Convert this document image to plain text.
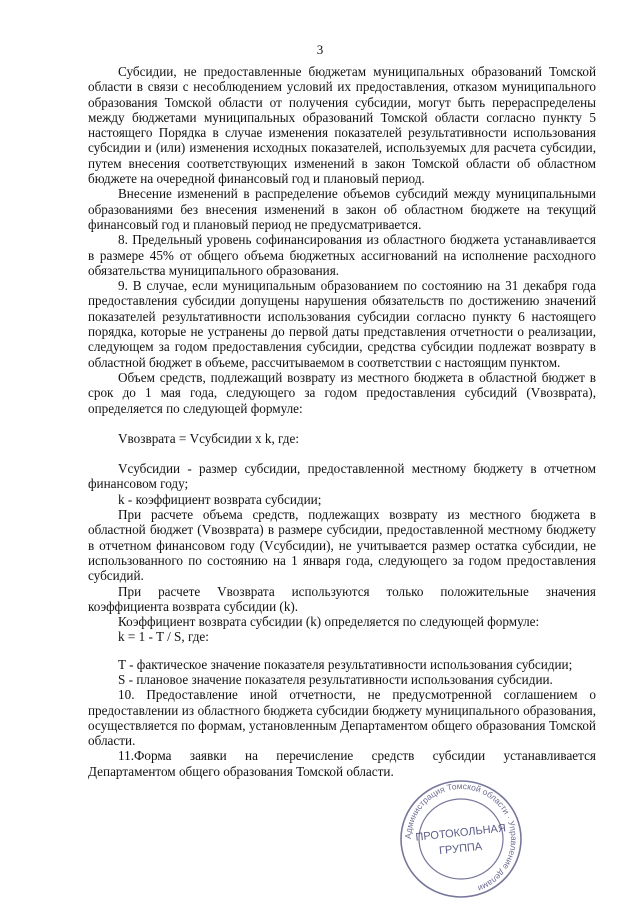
3

Субсидии, не предоставленные бюджетам муниципальных образований Томской области в связи с несоблюдением условий их предоставления, отказом муниципального образования Томской области от получения субсидии, могут быть перераспределены между бюджетами муниципальных образований Томской области согласно пункту 5 настоящего Порядка в случае изменения показателей результативности использования субсидии и (или) изменения исходных показателей, используемых для расчета субсидии, путем внесения соответствующих изменений в закон Томской области об областном бюджете на очередной финансовый год и плановый период.

Внесение изменений в распределение объемов субсидий между муниципальными образованиями без внесения изменений в закон об областном бюджете на текущий финансовый год и плановый период не предусматривается.

8. Предельный уровень софинансирования из областного бюджета устанавливается в размере 45% от общего объема бюджетных ассигнований на исполнение расходного обязательства муниципального образования.

9. В случае, если муниципальным образованием по состоянию на 31 декабря года предоставления субсидии допущены нарушения обязательств по достижению значений показателей результативности использования субсидии согласно пункту 6 настоящего порядка, которые не устранены до первой даты представления отчетности о реализации, следующем за годом предоставления субсидии, средства субсидии подлежат возврату в областной бюджет в объеме, рассчитываемом в соответствии с настоящим пунктом.

Объем средств, подлежащий возврату из местного бюджета в областной бюджет в срок до 1 мая года, следующего за годом предоставления субсидий (Vвозврата), определяется по следующей формуле:

Vвозврата = Vсубсидии x k, где:

Vсубсидии - размер субсидии, предоставленной местному бюджету в отчетном финансовом году;

k - коэффициент возврата субсидии;

При расчете объема средств, подлежащих возврату из местного бюджета в областной бюджет (Vвозврата) в размере субсидии, предоставленной местному бюджету в отчетном финансовом году (Vсубсидии), не учитывается размер остатка субсидии, не использованного по состоянию на 1 января года, следующего за годом предоставления субсидий.

При расчете Vвозврата используются только положительные значения коэффициента возврата субсидии (k).

Коэффициент возврата субсидии (k) определяется по следующей формуле:

k = 1 - T / S, где:

T - фактическое значение показателя результативности использования субсидии;

S - плановое значение показателя результативности использования субсидии.

10. Предоставление иной отчетности, не предусмотренной соглашением о предоставлении из областного бюджета субсидии бюджету муниципального образования, осуществляется по формам, установленным Департаментом общего образования Томской области.

11.Форма заявки на перечисление средств субсидии устанавливается Департаментом общего образования Томской области.

Администрация Томской области · Управление делами
ПРОТОКОЛЬНАЯ
ГРУППА
